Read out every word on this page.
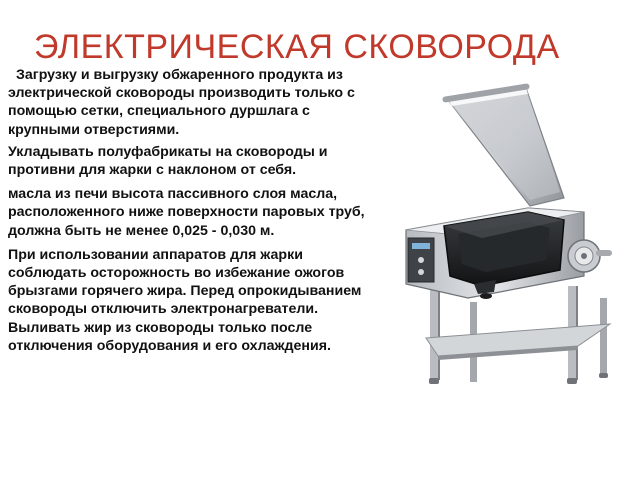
ЭЛЕКТРИЧЕСКАЯ СКОВОРОДА

Загрузку и выгрузку обжаренного продукта из электрической сковороды производить только с помощью сетки, специального дуршлага с крупными отверстиями.

Укладывать полуфабрикаты на сковороды и противни для жарки с наклоном от себя.

масла из печи высота пассивного слоя масла, расположенного ниже поверхности паровых труб, должна быть не менее 0,025 - 0,030 м.

При использовании аппаратов для жарки соблюдать осторожность во избежание ожогов брызгами горячего жира. Перед опрокидыванием сковороды отключить электронагреватели. Выливать жир из сковороды только после отключения оборудования и его охлаждения.
